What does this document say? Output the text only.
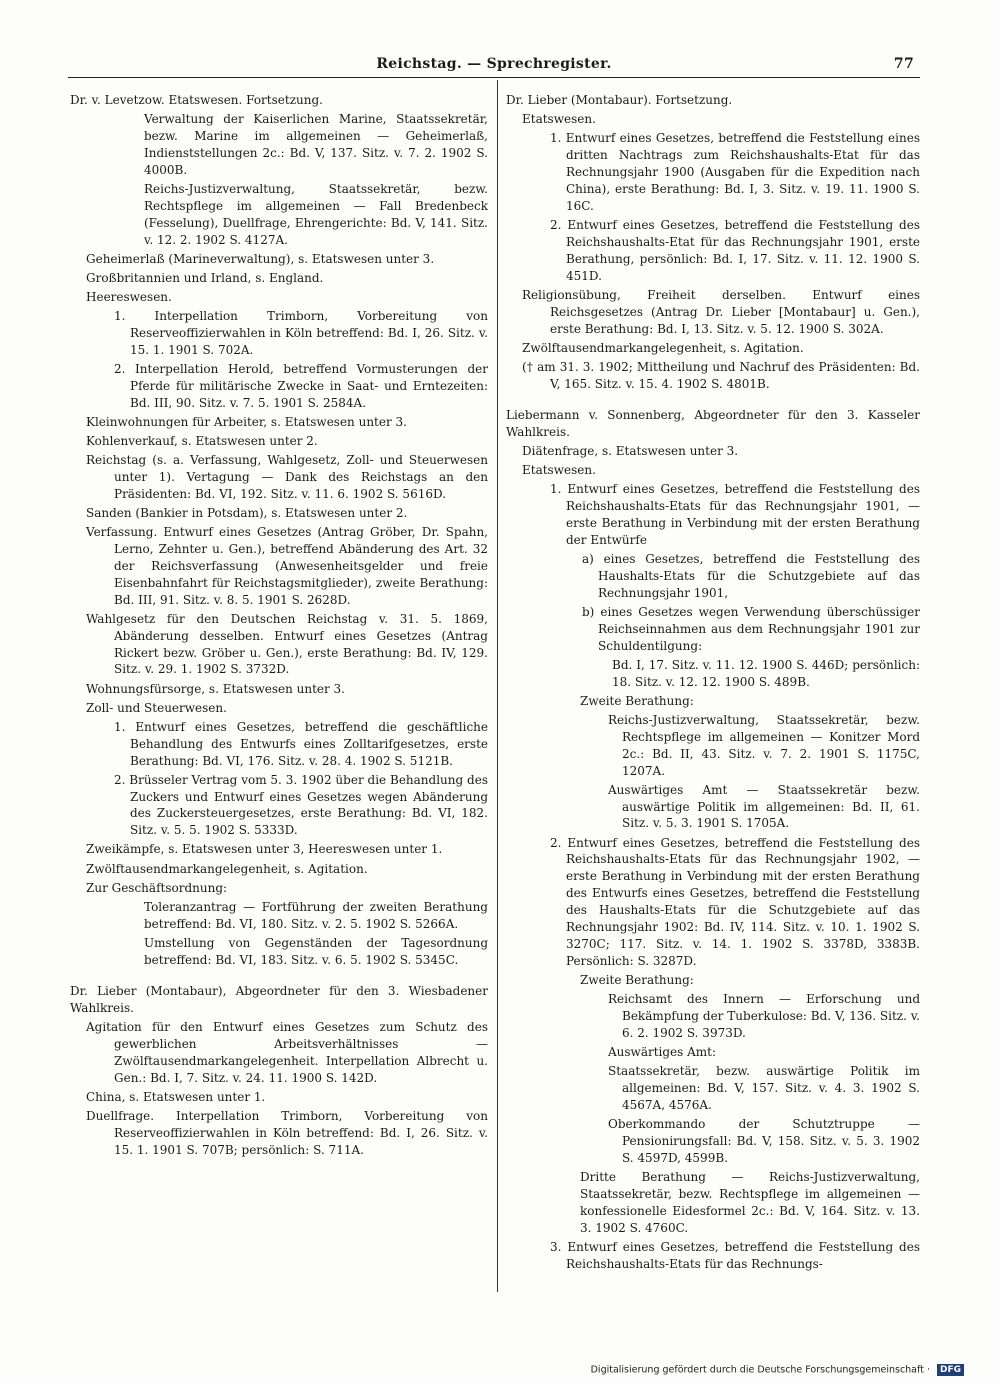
Reichstag. — Sprechregister.	77

Dr. v. Levetzow. Etatswesen. Fortsetzung.

Verwaltung der Kaiserlichen Marine, Staatssekretär, bezw. Marine im allgemeinen — Geheimerlaß, Indienststellungen 2c.: Bd. V, 137. Sitz. v. 7. 2. 1902 S. 4000B.

Reichs-Justizverwaltung, Staatssekretär, bezw. Rechtspflege im allgemeinen — Fall Bredenbeck (Fesselung), Duellfrage, Ehrengerichte: Bd. V, 141. Sitz. v. 12. 2. 1902 S. 4127A.

Geheimerlaß (Marineverwaltung), s. Etatswesen unter 3.

Großbritannien und Irland, s. England.

Heereswesen.

1. Interpellation Trimborn, Vorbereitung von Reserveoffizierwahlen in Köln betreffend: Bd. I, 26. Sitz. v. 15. 1. 1901 S. 702A.

2. Interpellation Herold, betreffend Vormusterungen der Pferde für militärische Zwecke in Saat- und Erntezeiten: Bd. III, 90. Sitz. v. 7. 5. 1901 S. 2584A.

Kleinwohnungen für Arbeiter, s. Etatswesen unter 3.

Kohlenverkauf, s. Etatswesen unter 2.

Reichstag (s. a. Verfassung, Wahlgesetz, Zoll- und Steuerwesen unter 1). Vertagung — Dank des Reichstags an den Präsidenten: Bd. VI, 192. Sitz. v. 11. 6. 1902 S. 5616D.

Sanden (Bankier in Potsdam), s. Etatswesen unter 2.

Verfassung. Entwurf eines Gesetzes (Antrag Gröber, Dr. Spahn, Lerno, Zehnter u. Gen.), betreffend Abänderung des Art. 32 der Reichsverfassung (Anwesenheitsgelder und freie Eisenbahnfahrt für Reichstagsmitglieder), zweite Berathung: Bd. III, 91. Sitz. v. 8. 5. 1901 S. 2628D.

Wahlgesetz für den Deutschen Reichstag v. 31. 5. 1869, Abänderung desselben. Entwurf eines Gesetzes (Antrag Rickert bezw. Gröber u. Gen.), erste Berathung: Bd. IV, 129. Sitz. v. 29. 1. 1902 S. 3732D.

Wohnungsfürsorge, s. Etatswesen unter 3.

Zoll- und Steuerwesen.

1. Entwurf eines Gesetzes, betreffend die geschäftliche Behandlung des Entwurfs eines Zolltarifgesetzes, erste Berathung: Bd. VI, 176. Sitz. v. 28. 4. 1902 S. 5121B.

2. Brüsseler Vertrag vom 5. 3. 1902 über die Behandlung des Zuckers und Entwurf eines Gesetzes wegen Abänderung des Zuckersteuergesetzes, erste Berathung: Bd. VI, 182. Sitz. v. 5. 5. 1902 S. 5333D.

Zweikämpfe, s. Etatswesen unter 3, Heereswesen unter 1.

Zwölftausendmarkangelegenheit, s. Agitation.

Zur Geschäftsordnung:

Toleranzantrag — Fortführung der zweiten Berathung betreffend: Bd. VI, 180. Sitz. v. 2. 5. 1902 S. 5266A.

Umstellung von Gegenständen der Tagesordnung betreffend: Bd. VI, 183. Sitz. v. 6. 5. 1902 S. 5345C.

Dr. Lieber (Montabaur), Abgeordneter für den 3. Wiesbadener Wahlkreis.

Agitation für den Entwurf eines Gesetzes zum Schutz des gewerblichen Arbeitsverhältnisses — Zwölftausendmarkangelegenheit. Interpellation Albrecht u. Gen.: Bd. I, 7. Sitz. v. 24. 11. 1900 S. 142D.

China, s. Etatswesen unter 1.

Duellfrage. Interpellation Trimborn, Vorbereitung von Reserveoffizierwahlen in Köln betreffend: Bd. I, 26. Sitz. v. 15. 1. 1901 S. 707B; persönlich: S. 711A.

Dr. Lieber (Montabaur). Fortsetzung.

Etatswesen.

1. Entwurf eines Gesetzes, betreffend die Feststellung eines dritten Nachtrags zum Reichshaushalts-Etat für das Rechnungsjahr 1900 (Ausgaben für die Expedition nach China), erste Berathung: Bd. I, 3. Sitz. v. 19. 11. 1900 S. 16C.

2. Entwurf eines Gesetzes, betreffend die Feststellung des Reichshaushalts-Etat für das Rechnungsjahr 1901, erste Berathung, persönlich: Bd. I, 17. Sitz. v. 11. 12. 1900 S. 451D.

Religionsübung, Freiheit derselben. Entwurf eines Reichsgesetzes (Antrag Dr. Lieber [Montabaur] u. Gen.), erste Berathung: Bd. I, 13. Sitz. v. 5. 12. 1900 S. 302A.

Zwölftausendmarkangelegenheit, s. Agitation.

(† am 31. 3. 1902; Mittheilung und Nachruf des Präsidenten: Bd. V, 165. Sitz. v. 15. 4. 1902 S. 4801B.

Liebermann v. Sonnenberg, Abgeordneter für den 3. Kasseler Wahlkreis.

Diätenfrage, s. Etatswesen unter 3.

Etatswesen.

1. Entwurf eines Gesetzes, betreffend die Feststellung des Reichshaushalts-Etats für das Rechnungsjahr 1901, — erste Berathung in Verbindung mit der ersten Berathung der Entwürfe

a) eines Gesetzes, betreffend die Feststellung des Haushalts-Etats für die Schutzgebiete auf das Rechnungsjahr 1901,

b) eines Gesetzes wegen Verwendung überschüssiger Reichseinnahmen aus dem Rechnungsjahr 1901 zur Schuldentilgung:

Bd. I, 17. Sitz. v. 11. 12. 1900 S. 446D; persönlich: 18. Sitz. v. 12. 12. 1900 S. 489B.

Zweite Berathung:

Reichs-Justizverwaltung, Staatssekretär, bezw. Rechtspflege im allgemeinen — Konitzer Mord 2c.: Bd. II, 43. Sitz. v. 7. 2. 1901 S. 1175C, 1207A.

Auswärtiges Amt — Staatssekretär bezw. auswärtige Politik im allgemeinen: Bd. II, 61. Sitz. v. 5. 3. 1901 S. 1705A.

2. Entwurf eines Gesetzes, betreffend die Feststellung des Reichshaushalts-Etats für das Rechnungsjahr 1902, — erste Berathung in Verbindung mit der ersten Berathung des Entwurfs eines Gesetzes, betreffend die Feststellung des Haushalts-Etats für die Schutzgebiete auf das Rechnungsjahr 1902: Bd. IV, 114. Sitz. v. 10. 1. 1902 S. 3270C; 117. Sitz. v. 14. 1. 1902 S. 3378D, 3383B. Persönlich: S. 3287D.

Zweite Berathung:

Reichsamt des Innern — Erforschung und Bekämpfung der Tuberkulose: Bd. V, 136. Sitz. v. 6. 2. 1902 S. 3973D.

Auswärtiges Amt:

Staatssekretär, bezw. auswärtige Politik im allgemeinen: Bd. V, 157. Sitz. v. 4. 3. 1902 S. 4567A, 4576A.

Oberkommando der Schutztruppe — Pensionirungsfall: Bd. V, 158. Sitz. v. 5. 3. 1902 S. 4597D, 4599B.

Dritte Berathung — Reichs-Justizverwaltung, Staatssekretär, bezw. Rechtspflege im allgemeinen — konfessionelle Eidesformel 2c.: Bd. V, 164. Sitz. v. 13. 3. 1902 S. 4760C.

3. Entwurf eines Gesetzes, betreffend die Feststellung des Reichshaushalts-Etats für das Rechnungs-

Digitalisierung gefördert durch die Deutsche Forschungsgemeinschaft · DFG
